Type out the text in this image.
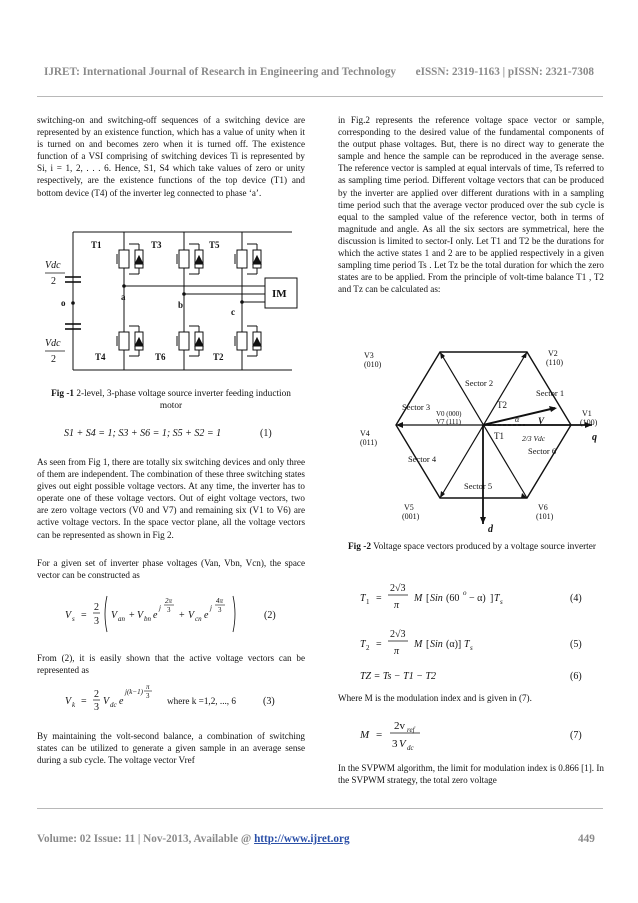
IJRET: International Journal of Research in Engineering and Technology eISSN: 2319-1163 | pISSN: 2321-7308

switching-on and switching-off sequences of a switching device are represented by an existence function, which has a value of unity when it is turned on and becomes zero when it is turned off. The existence function of a VSI comprising of switching devices Ti is represented by Si, i = 1, 2, . . . 6. Hence, S1, S4 which take values of zero or unity respectively, are the existence functions of the top device (T1) and bottom device (T4) of the inverter leg connected to phase ‘a’.

T1	T3	T5
T4	T6	T2
a
b
c
o
IM
Vdc
2
Vdc
2
Fig -1 2-level, 3-phase voltage source inverter feeding induction motor
S1 + S4 = 1; S3 + S6 = 1; S5 + S2 = 1	(1)

As seen from Fig 1, there are totally six switching devices and only three of them are independent. The combination of these three switching states gives out eight possible voltage vectors. At any time, the inverter has to operate one of these voltage vectors. Out of eight voltage vectors, two are zero voltage vectors (V0 and V7) and remaining six (V1 to V6) are active voltage vectors. In the space vector plane, all the voltage vectors can be represented as shown in Fig 2.

For a given set of inverter phase voltages (Van, Vbn, Vcn), the space vector can be constructed as

V s =
2
3
V an + V bn e
j
2π
3 + V cn e
j
4π
3	(2)

From (2), it is easily shown that the active voltage vectors can be represented as

V k =
2
3
V dc e
j(k−1)
π
3 where k =1,2, ..., 6	(3)

By maintaining the volt-second balance, a combination of switching states can be utilized to generate a given sample in an average sense during a sub cycle. The voltage vector Vref

in Fig.2 represents the reference voltage space vector or sample, corresponding to the desired value of the fundamental components of the output phase voltages. But, there is no direct way to generate the sample and hence the sample can be reproduced in the average sense. The reference vector is sampled at equal intervals of time, Ts referred to as sampling time period. Different voltage vectors that can be produced by the inverter are applied over different durations with in a sampling time period such that the average vector produced over the sub cycle is equal to the sampled value of the reference vector, both in terms of magnitude and angle. As all the six sectors are symmetrical, here the discussion is limited to sector-I only. Let T1 and T2 be the durations for which the active states 1 and 2 are to be applied respectively in a given sampling time period Ts . Let Tz be the total duration for which the zero states are to be applied. From the principle of volt-time balance T1 , T2 and Tz can be calculated as:

V3
(010)
V2
(110)
V1
(100)
V4
(011)
V5
(001)
V6
(101)
Sector 2
Sector 1
Sector 3
Sector 4
Sector 5
Sector 6
V0 (000)
V7 (111)
T2
T1
V
α
2/3 Vdc	q
d
Fig -2 Voltage space vectors produced by a voltage source inverter
T 1 =
2√3
π
M [ Sin (60 o − α) ] T s	(4)
T 2 =
2√3
π
M [ Sin (α)] T s	(5)
TZ = Ts − T1 − T2	(6)

Where M is the modulation index and is given in (7).

M =
2v ref
3 V dc
(7)

In the SVPWM algorithm, the limit for modulation index is 0.866 [1]. In the SVPWM strategy, the total zero voltage

Volume: 02 Issue: 11 | Nov-2013, Available @ http://www.ijret.org	449
